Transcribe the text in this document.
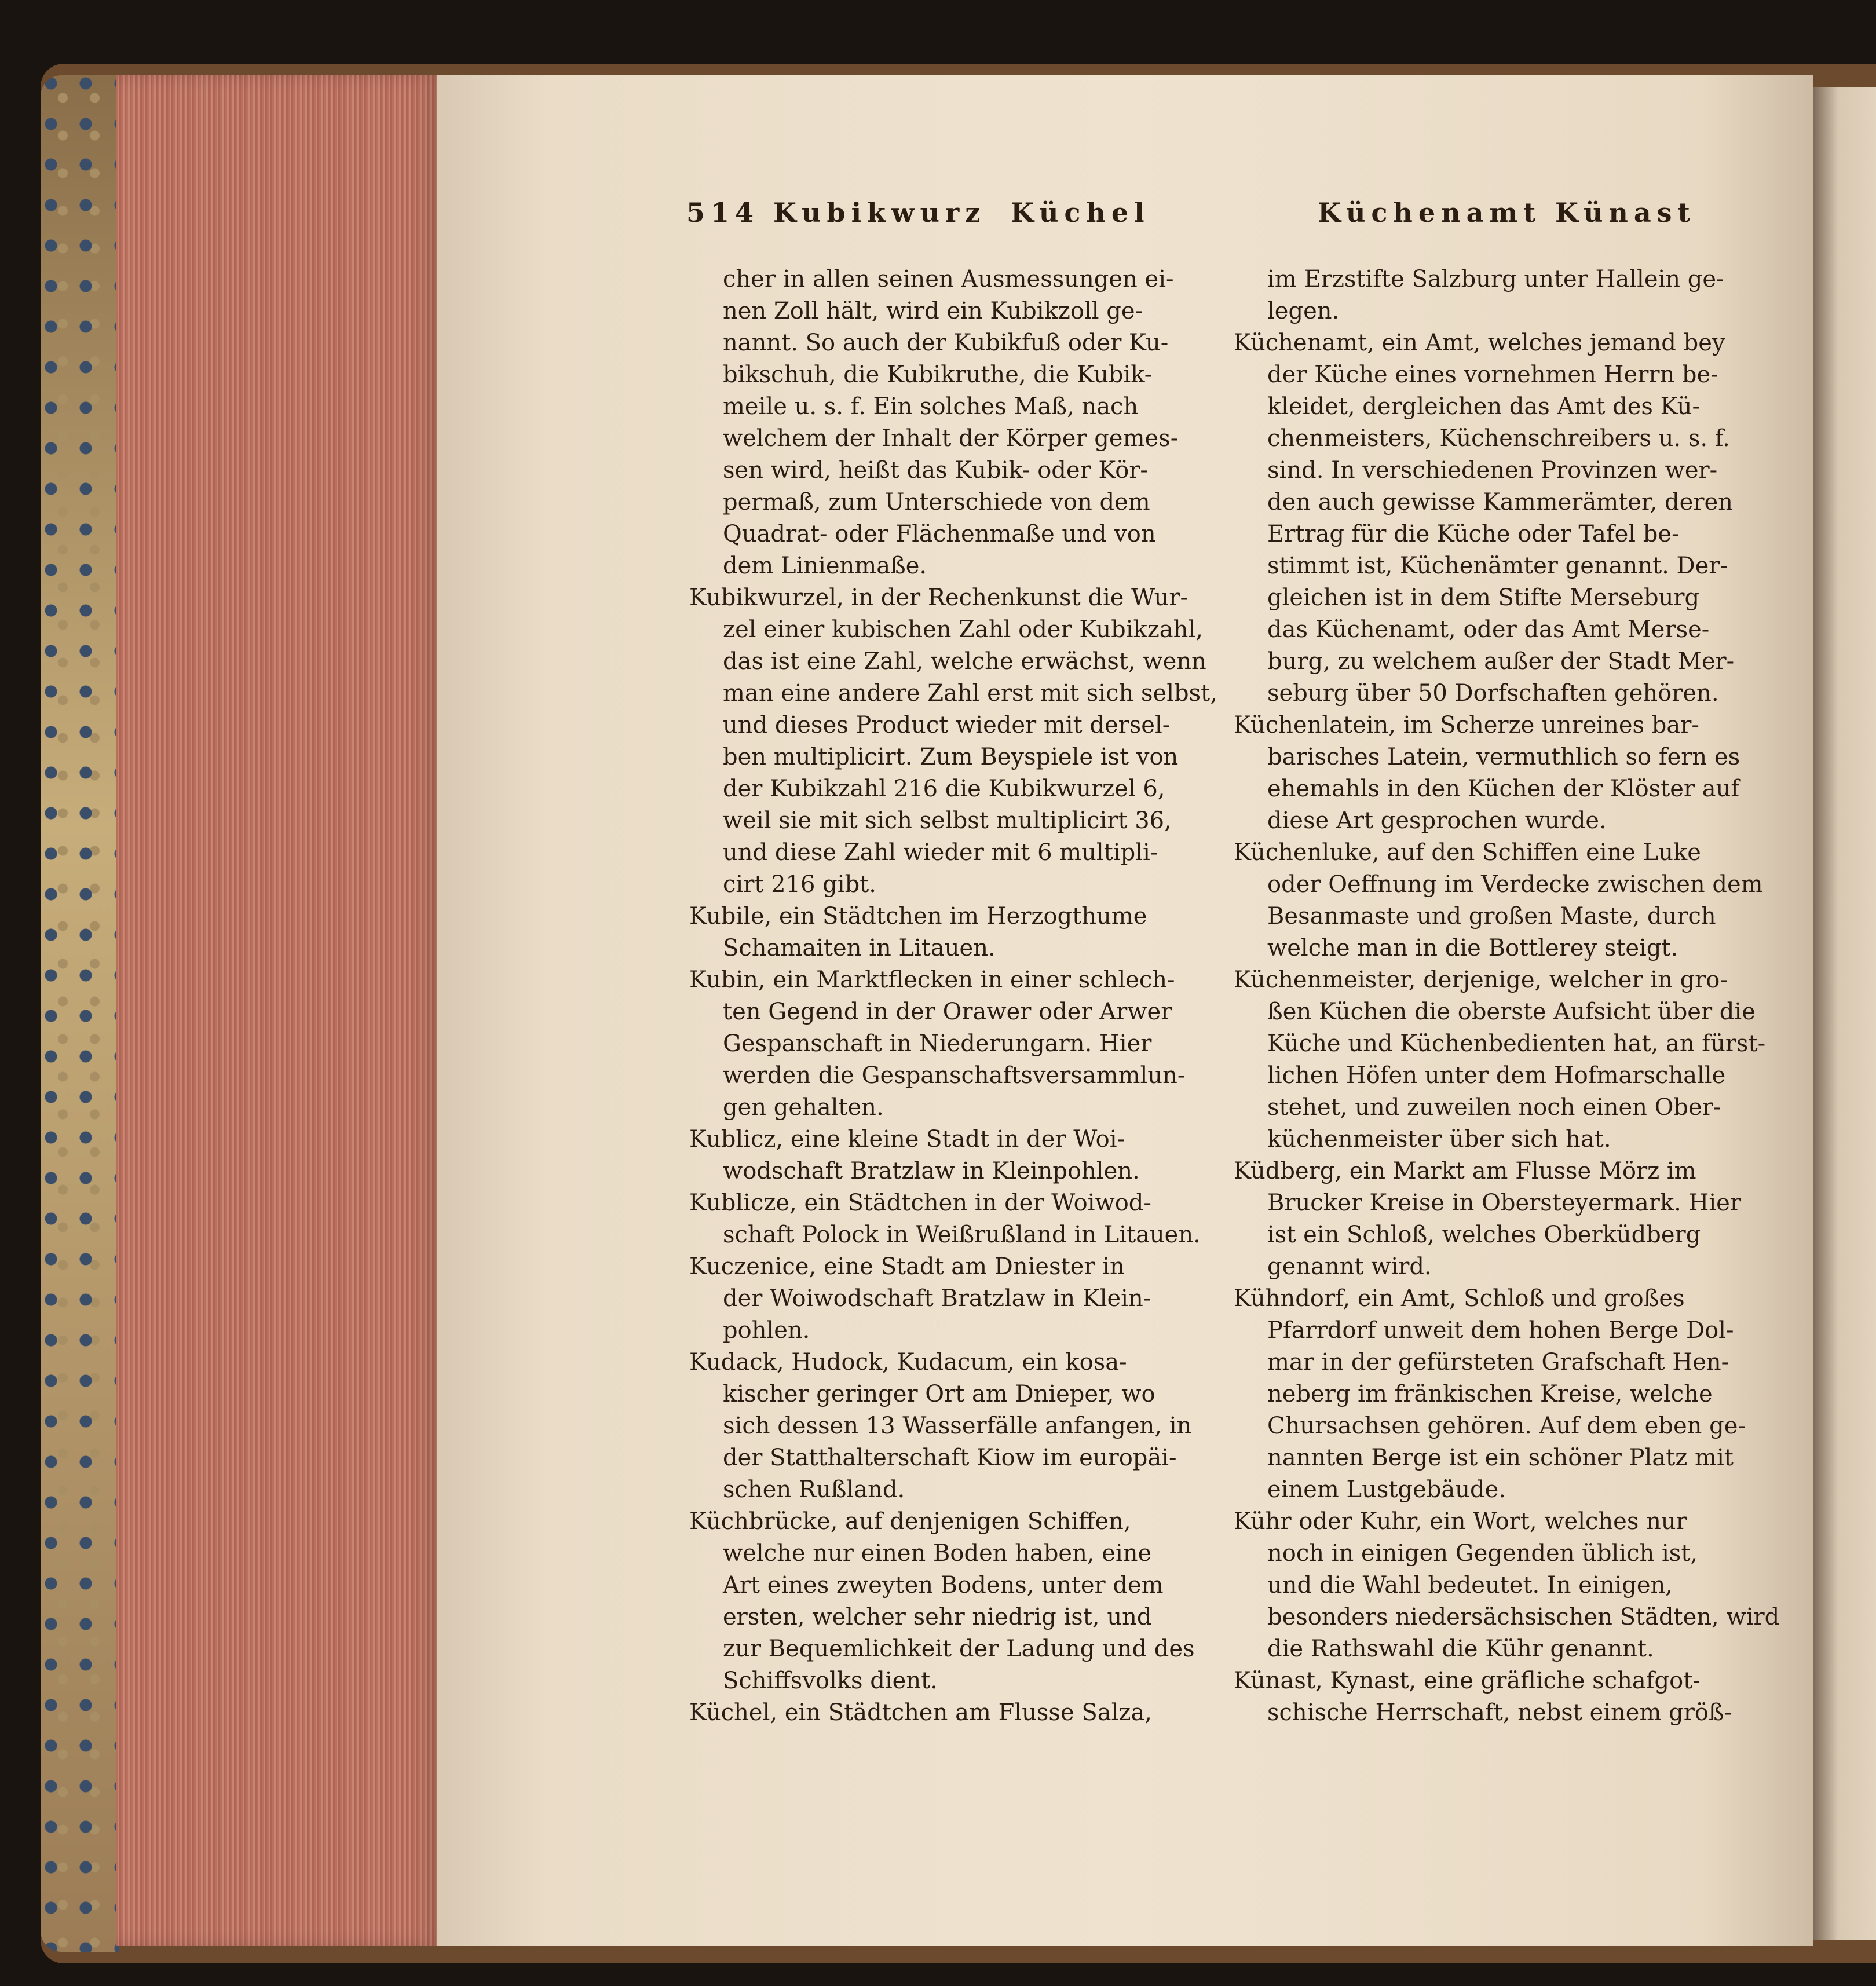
514 Kubikwurz Küchel	Küchenamt Künast
cher in allen seinen Ausmessungen ei-
nen Zoll hält, wird ein Kubikzoll ge-
nannt. So auch der Kubikfuß oder Ku-
bikschuh, die Kubikruthe, die Kubik-
meile u. s. f. Ein solches Maß, nach
welchem der Inhalt der Körper gemes-
sen wird, heißt das Kubik- oder Kör-
permaß, zum Unterschiede von dem
Quadrat- oder Flächenmaße und von
dem Linienmaße.
Kubikwurzel, in der Rechenkunst die Wur-
zel einer kubischen Zahl oder Kubikzahl,
das ist eine Zahl, welche erwächst, wenn
man eine andere Zahl erst mit sich selbst,
und dieses Product wieder mit dersel-
ben multiplicirt. Zum Beyspiele ist von
der Kubikzahl 216 die Kubikwurzel 6,
weil sie mit sich selbst multiplicirt 36,
und diese Zahl wieder mit 6 multipli-
cirt 216 gibt.
Kubile, ein Städtchen im Herzogthume
Schamaiten in Litauen.
Kubin, ein Marktflecken in einer schlech-
ten Gegend in der Orawer oder Arwer
Gespanschaft in Niederungarn. Hier
werden die Gespanschaftsversammlun-
gen gehalten.
Kublicz, eine kleine Stadt in der Woi-
wodschaft Bratzlaw in Kleinpohlen.
Kublicze, ein Städtchen in der Woiwod-
schaft Polock in Weißrußland in Litauen.
Kuczenice, eine Stadt am Dniester in
der Woiwodschaft Bratzlaw in Klein-
pohlen.
Kudack, Hudock, Kudacum, ein kosa-
kischer geringer Ort am Dnieper, wo
sich dessen 13 Wasserfälle anfangen, in
der Statthalterschaft Kiow im europäi-
schen Rußland.
Küchbrücke, auf denjenigen Schiffen,
welche nur einen Boden haben, eine
Art eines zweyten Bodens, unter dem
ersten, welcher sehr niedrig ist, und
zur Bequemlichkeit der Ladung und des
Schiffsvolks dient.
Küchel, ein Städtchen am Flusse Salza,
im Erzstifte Salzburg unter Hallein ge-
legen.
Küchenamt, ein Amt, welches jemand bey
der Küche eines vornehmen Herrn be-
kleidet, dergleichen das Amt des Kü-
chenmeisters, Küchenschreibers u. s. f.
sind. In verschiedenen Provinzen wer-
den auch gewisse Kammerämter, deren
Ertrag für die Küche oder Tafel be-
stimmt ist, Küchenämter genannt. Der-
gleichen ist in dem Stifte Merseburg
das Küchenamt, oder das Amt Merse-
burg, zu welchem außer der Stadt Mer-
seburg über 50 Dorfschaften gehören.
Küchenlatein, im Scherze unreines bar-
barisches Latein, vermuthlich so fern es
ehemahls in den Küchen der Klöster auf
diese Art gesprochen wurde.
Küchenluke, auf den Schiffen eine Luke
oder Oeffnung im Verdecke zwischen dem
Besanmaste und großen Maste, durch
welche man in die Bottlerey steigt.
Küchenmeister, derjenige, welcher in gro-
ßen Küchen die oberste Aufsicht über die
Küche und Küchenbedienten hat, an fürst-
lichen Höfen unter dem Hofmarschalle
stehet, und zuweilen noch einen Ober-
küchenmeister über sich hat.
Küdberg, ein Markt am Flusse Mörz im
Brucker Kreise in Obersteyermark. Hier
ist ein Schloß, welches Oberküdberg
genannt wird.
Kühndorf, ein Amt, Schloß und großes
Pfarrdorf unweit dem hohen Berge Dol-
mar in der gefürsteten Grafschaft Hen-
neberg im fränkischen Kreise, welche
Chursachsen gehören. Auf dem eben ge-
nannten Berge ist ein schöner Platz mit
einem Lustgebäude.
Kühr oder Kuhr, ein Wort, welches nur
noch in einigen Gegenden üblich ist,
und die Wahl bedeutet. In einigen,
besonders niedersächsischen Städten, wird
die Rathswahl die Kühr genannt.
Künast, Kynast, eine gräfliche schafgot-
schische Herrschaft, nebst einem größ-
